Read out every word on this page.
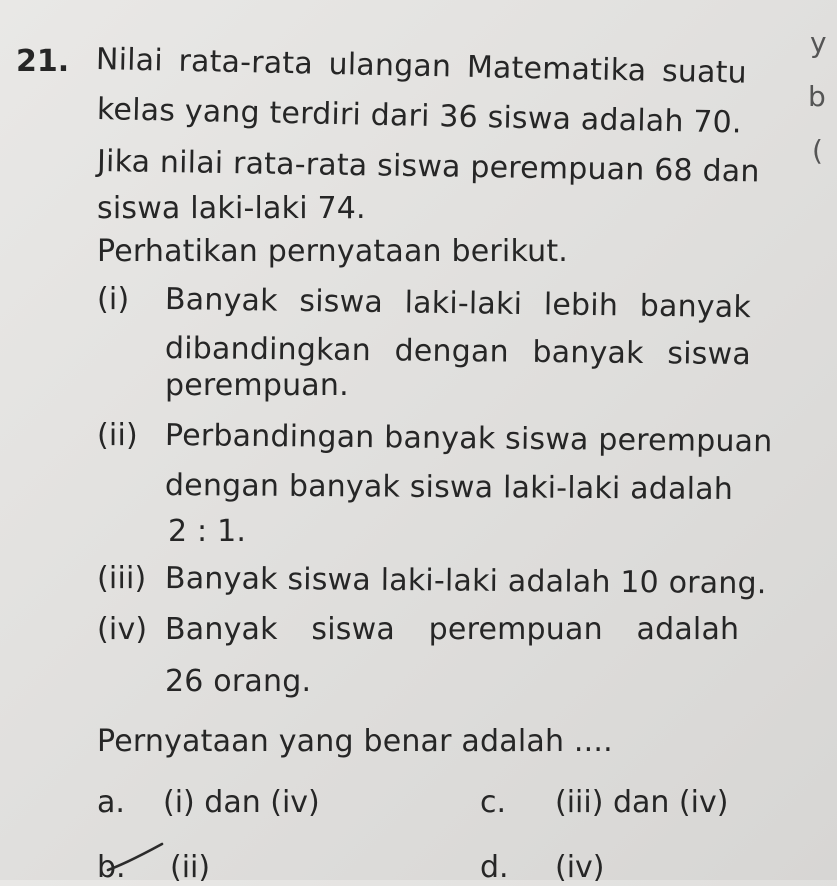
y
b
(
21. Nilai rata-rata ulangan Matematika suatu
kelas yang terdiri dari 36 siswa adalah 70.
Jika nilai rata-rata siswa perempuan 68 dan
siswa laki-laki 74.
Perhatikan pernyataan berikut.
(i) Banyak siswa laki-laki lebih banyak
dibandingkan dengan banyak siswa
perempuan.
(ii) Perbandingan banyak siswa perempuan
dengan banyak siswa laki-laki adalah
2 : 1.
(iii) Banyak siswa laki-laki adalah 10 orang.
(iv) Banyak siswa perempuan adalah
26 orang.
Pernyataan yang benar adalah ....
a. (i) dan (iv)	c. (iii) dan (iv)
b. (ii)	d. (iv)
